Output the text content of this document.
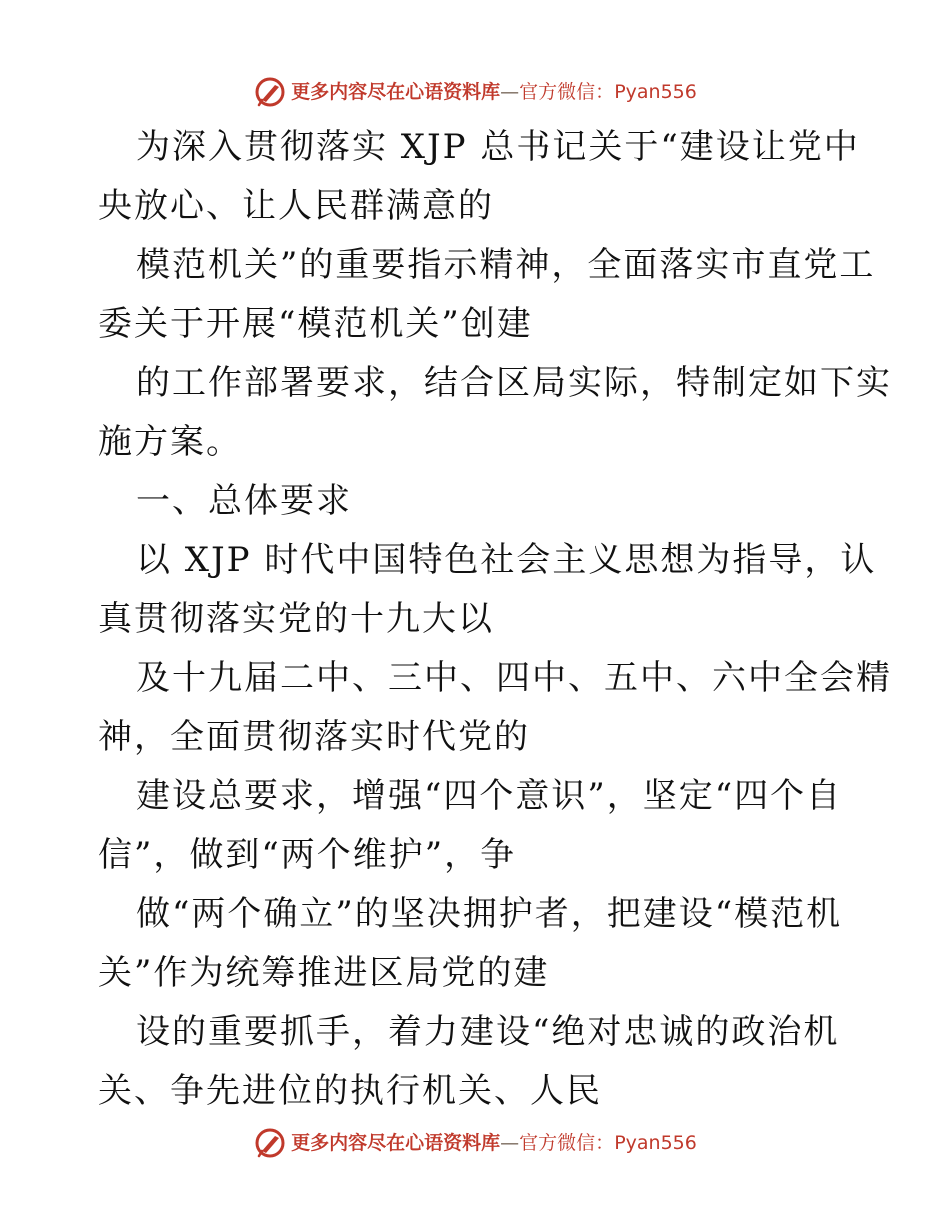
更多内容尽在心语资料库 — 官方微信： Pyan556

为深入贯彻落实 XJP 总书记关于“建设让党中

央放心、让人民群满意的

模范机关”的重要指示精神，全面落实市直党工

委关于开展“模范机关”创建

的工作部署要求，结合区局实际，特制定如下实

施方案。

一、总体要求

以 XJP 时代中国特色社会主义思想为指导，认

真贯彻落实党的十九大以

及十九届二中、三中、四中、五中、六中全会精

神，全面贯彻落实时代党的

建设总要求，增强“四个意识”，坚定“四个自

信”，做到“两个维护”，争

做“两个确立”的坚决拥护者，把建设“模范机

关”作为统筹推进区局党的建

设的重要抓手，着力建设“绝对忠诚的政治机

关、争先进位的执行机关、人民

更多内容尽在心语资料库 — 官方微信： Pyan556
